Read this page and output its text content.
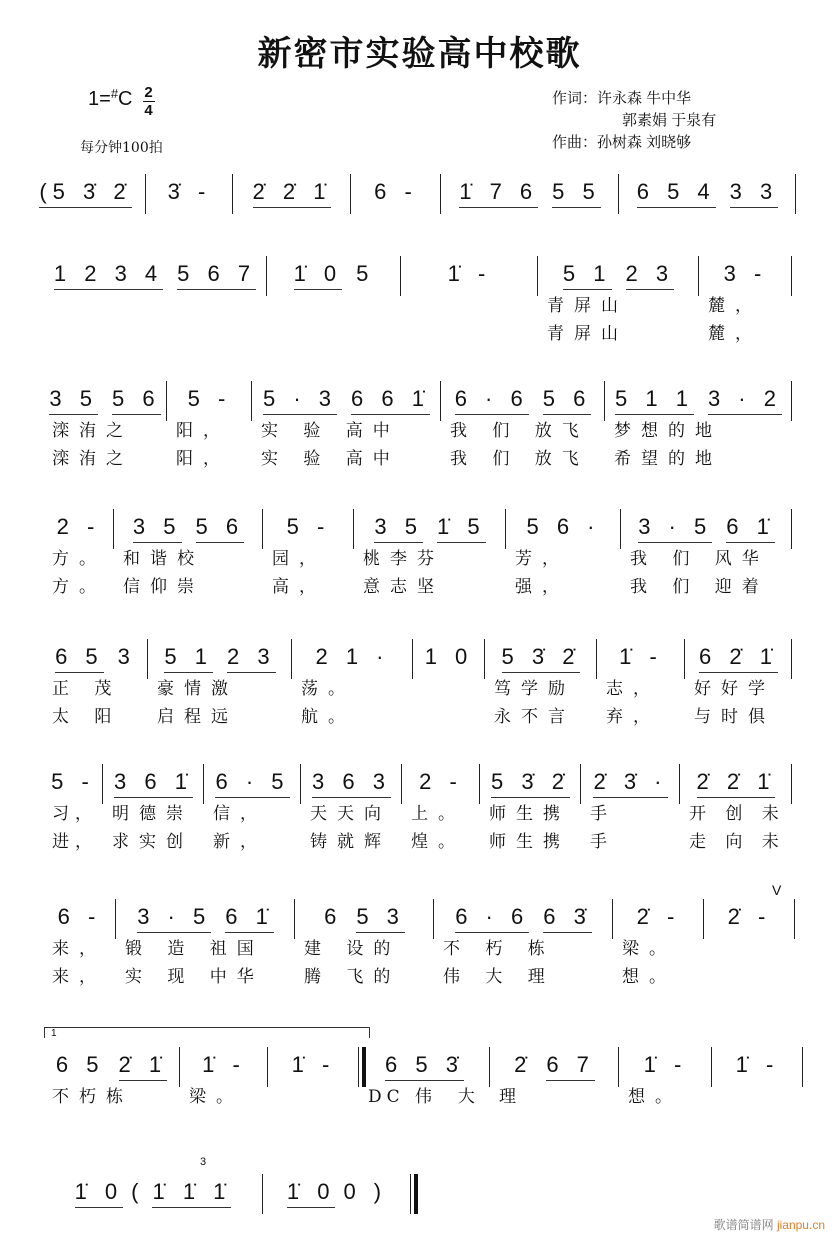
新密市实验高中校歌
1= # C 2
4
每分钟100拍
作词：许永森 牛中华
郭素娟 于泉有
作曲：孙树森 刘晓够
(5 3̇ 2̇ 3̇ - 2̇ 2̇ 1̇ 6 - 1̇ 7 6 5 5 6 5 4 3 3
1 2 3 4 5 6 7 1̇ 0 5	1̇ -	5 1 2 3
青屏山
青屏山
3 -
麓，
麓，
3 5 5 6
滦洧之
滦洧之
5 -
阳，
阳，
5 · 3 6 6 1̇
实 验 高中
实 验 高中
6 · 6 5 6
我 们 放飞
我 们 放飞
5 1 1 3 · 2
梦想的地
希望的地
2 -
方。
方。
3 5 5 6
和谐校
信仰崇
5 -
园，
高，
3 5 1̇ 5
桃李芬
意志坚
5 6 ·
芳，
强，
3 · 5 6 1̇
我 们 风华
我 们 迎着
6 5 3
正 茂
太 阳
5 1 2 3
豪情激
启程远
2 1 ·
荡。
航。
1 0 5 3̇ 2̇
笃学励
永不言
1̇ -
志，
弃，
6 2̇ 1̇
好好学
与时俱
5 -
习，
进，
3 6 1̇
明德崇
求实创
6 · 5
信，
新，
3 6 3
天天向
铸就辉
2 -
上。
煌。
5 3̇ 2̇
师生携
师生携
2̇ 3̇ ·
手
手
2̇ 2̇ 1̇
开 创 未
走 向 未
6 -
来，
来，
3 · 5 6 1̇
锻 造 祖国
实 现 中华
6 5 3
建 设的
腾 飞的
6 · 6 6 3̇
不 朽 栋
伟 大 理
2̇ -
梁。
想。
2̇ -
V
6 5 2̇ 1̇
不朽栋
1̇ -
梁。
1̇ - 6 5 3̇
DC 伟  大
2̇ 6 7
理
1̇ -
想。
1̇ -
1
1̇ 0 ( 1̇ 1̇ 1̇	1̇ 0 0 )
3
歌谱简谱网 jianpu.cn
